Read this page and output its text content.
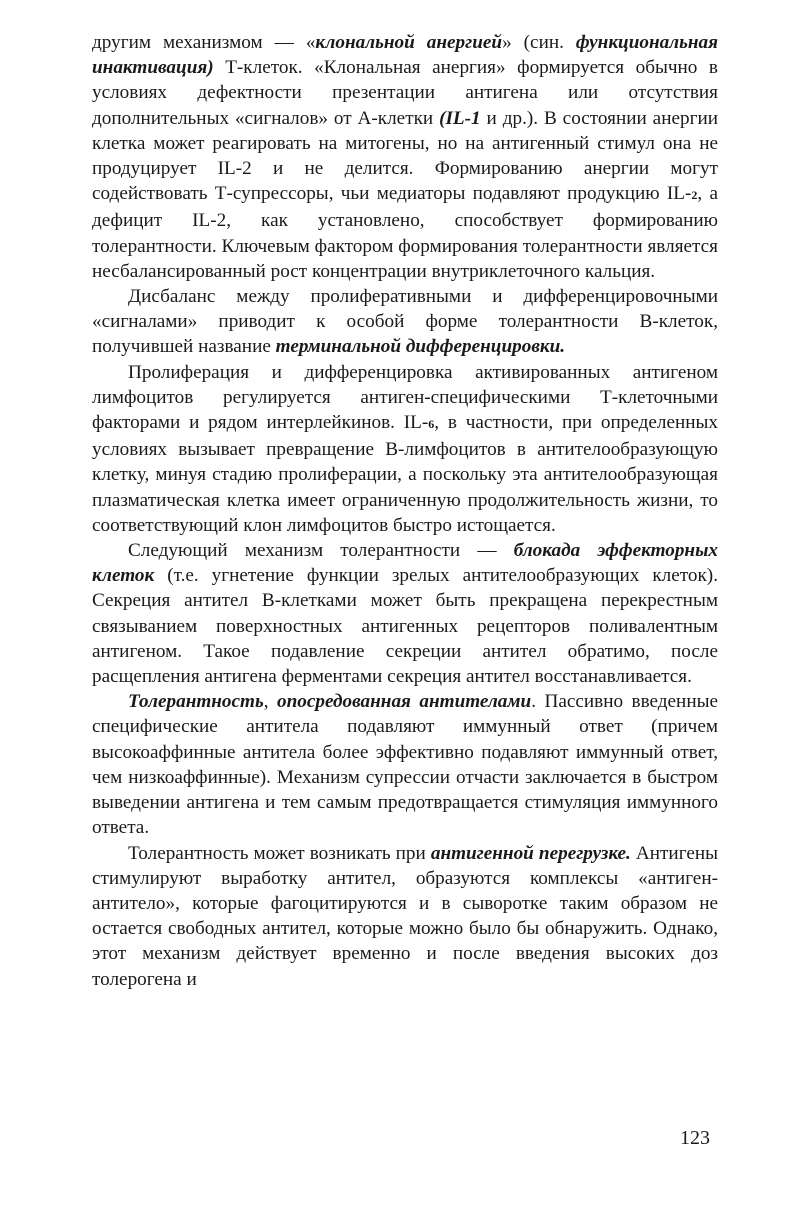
другим механизмом — «клональной анергией» (син. функциональная инактивация) Т-клеток. «Клональная анергия» формируется обычно в условиях дефектности презентации антигена или отсутствия дополнительных «сигналов» от А-клетки (IL-1 и др.). В состоянии анергии клетка может реагировать на митогены, но на антигенный стимул она не продуцирует IL-2 и не делится. Формированию анергии могут содействовать Т-супрессоры, чьи медиаторы подавляют продукцию IL-2, а дефицит IL-2, как установлено, способствует формированию толерантности. Ключевым фактором формирования толерантности является несбалансированный рост концентрации внутриклеточного кальция.

Дисбаланс между пролиферативными и дифференцировочными «сигналами» приводит к особой форме толерантности В-клеток, получившей название терминальной дифференцировки.

Пролиферация и дифференцировка активированных антигеном лимфоцитов регулируется антиген-специфическими Т-клеточными факторами и рядом интерлейкинов. IL-6, в частности, при определенных условиях вызывает превращение В-лимфоцитов в антителообразующую клетку, минуя стадию пролиферации, а поскольку эта антителообразующая плазматическая клетка имеет ограниченную продолжительность жизни, то соответствующий клон лимфоцитов быстро истощается.

Следующий механизм толерантности — блокада эффекторных клеток (т.е. угнетение функции зрелых антителообразующих клеток). Секреция антител В-клетками может быть прекращена перекрестным связыванием поверхностных антигенных рецепторов поливалентным антигеном. Такое подавление секреции антител обратимо, после расщепления антигена ферментами секреция антител восстанавливается.

Толерантность, опосредованная антителами. Пассивно введенные специфические антитела подавляют иммунный ответ (причем высокоаффинные антитела более эффективно подавляют иммунный ответ, чем низкоаффинные). Механизм супрессии отчасти заключается в быстром выведении антигена и тем самым предотвращается стимуляция иммунного ответа.

Толерантность может возникать при антигенной перегрузке. Антигены стимулируют выработку антител, образуются комплексы «антиген-антитело», которые фагоцитируются и в сыворотке таким образом не остается свободных антител, которые можно было бы обнаружить. Однако, этот механизм действует временно и после введения высоких доз толерогена и

123
